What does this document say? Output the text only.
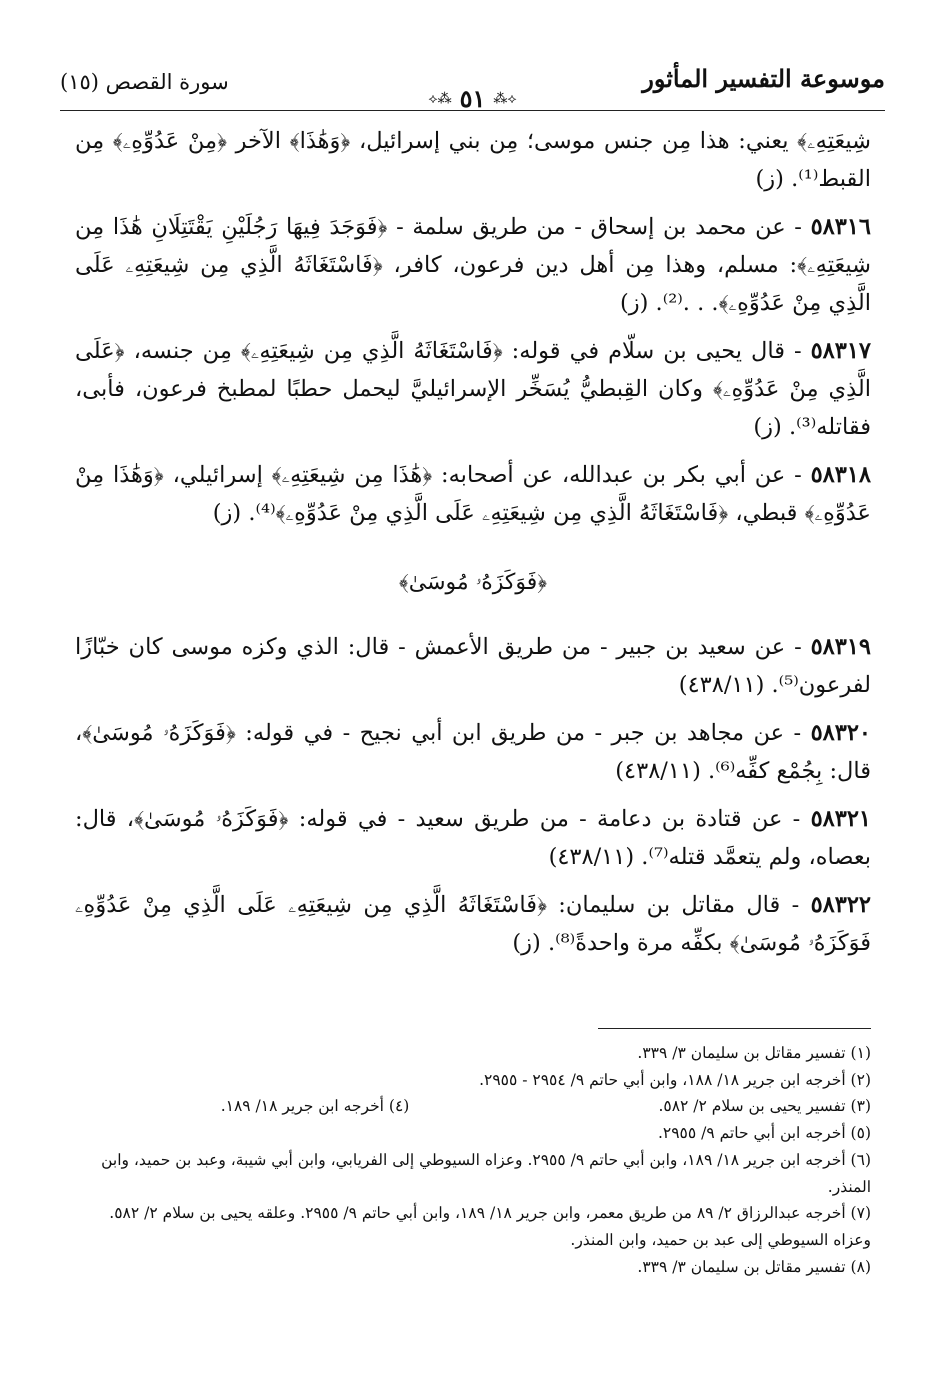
موسوعة التفسير المأثور
⟡⁂ ٥١ ⁂⟡
سورة القصص (١٥)

شِيعَتِهِۦ﴾ يعني: هذا مِن جنس موسى؛ مِن بني إسرائيل، ﴿وَهَٰذَا﴾ الآخر ﴿مِنْ عَدُوِّهِۦ﴾ مِن القبط⁽¹⁾. (ز)

٥٨٣١٦ - عن محمد بن إسحاق - من طريق سلمة - ﴿فَوَجَدَ فِيهَا رَجُلَيْنِ يَقْتَتِلَانِ هَٰذَا مِن شِيعَتِهِۦ﴾: مسلم، وهذا مِن أهل دين فرعون، كافر، ﴿فَاسْتَغَاثَهُ الَّذِي مِن شِيعَتِهِۦ عَلَى الَّذِي مِنْ عَدُوِّهِۦ﴾. . .⁽²⁾. (ز)

٥٨٣١٧ - قال يحيى بن سلّام في قوله: ﴿فَاسْتَغَاثَهُ الَّذِي مِن شِيعَتِهِۦ﴾ مِن جنسه، ﴿عَلَى الَّذِي مِنْ عَدُوِّهِۦ﴾ وكان القِبطيُّ يُسَخِّر الإسرائيليَّ ليحمل حطبًا لمطبخ فرعون، فأبى، فقاتله⁽³⁾. (ز)

٥٨٣١٨ - عن أبي بكر بن عبدالله، عن أصحابه: ﴿هَٰذَا مِن شِيعَتِهِۦ﴾ إسرائيلي، ﴿وَهَٰذَا مِنْ عَدُوِّهِۦ﴾ قبطي، ﴿فَاسْتَغَاثَهُ الَّذِي مِن شِيعَتِهِۦ عَلَى الَّذِي مِنْ عَدُوِّهِۦ﴾⁽⁴⁾. (ز)

﴿فَوَكَزَهُۥ مُوسَىٰ﴾

٥٨٣١٩ - عن سعيد بن جبير - من طريق الأعمش - قال: الذي وكزه موسى كان خبّازًا لفرعون⁽⁵⁾. (٤٣٨/١١)

٥٨٣٢٠ - عن مجاهد بن جبر - من طريق ابن أبي نجيح - في قوله: ﴿فَوَكَزَهُۥ مُوسَىٰ﴾، قال: بِجُمْع كفِّه⁽⁶⁾. (٤٣٨/١١)

٥٨٣٢١ - عن قتادة بن دعامة - من طريق سعيد - في قوله: ﴿فَوَكَزَهُۥ مُوسَىٰ﴾، قال: بعصاه، ولم يتعمَّد قتله⁽⁷⁾. (٤٣٨/١١)

٥٨٣٢٢ - قال مقاتل بن سليمان: ﴿فَاسْتَغَاثَهُ الَّذِي مِن شِيعَتِهِۦ عَلَى الَّذِي مِنْ عَدُوِّهِۦ فَوَكَزَهُۥ مُوسَىٰ﴾ بكفِّه مرة واحدةً⁽⁸⁾. (ز)

(١) تفسير مقاتل بن سليمان ٣/ ٣٣٩.

(٢) أخرجه ابن جرير ١٨/ ١٨٨، وابن أبي حاتم ٩/ ٢٩٥٤ - ٢٩٥٥.

(٣) تفسير يحيى بن سلام ٢/ ٥٨٢.

(٤) أخرجه ابن جرير ١٨/ ١٨٩.

(٥) أخرجه ابن أبي حاتم ٩/ ٢٩٥٥.

(٦) أخرجه ابن جرير ١٨/ ١٨٩، وابن أبي حاتم ٩/ ٢٩٥٥. وعزاه السيوطي إلى الفريابي، وابن أبي شيبة، وعبد بن حميد، وابن المنذر.

(٧) أخرجه عبدالرزاق ٢/ ٨٩ من طريق معمر، وابن جرير ١٨/ ١٨٩، وابن أبي حاتم ٩/ ٢٩٥٥. وعلقه يحيى بن سلام ٢/ ٥٨٢. وعزاه السيوطي إلى عبد بن حميد، وابن المنذر.

(٨) تفسير مقاتل بن سليمان ٣/ ٣٣٩.
